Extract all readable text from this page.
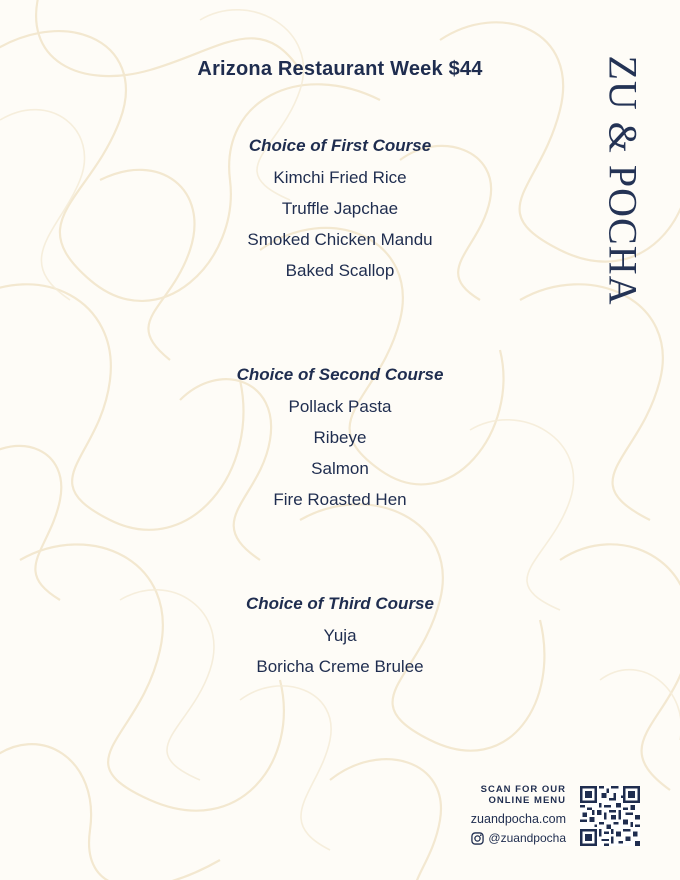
Arizona Restaurant Week $44
Choice of First Course
Kimchi Fried Rice
Truffle Japchae
Smoked Chicken Mandu
Baked Scallop
Choice of Second Course
Pollack Pasta
Ribeye
Salmon
Fire Roasted Hen
Choice of Third Course
Yuja
Boricha Creme Brulee
ZU & POCHA
SCAN FOR OUR
ONLINE MENU
zuandpocha.com
@zuandpocha
